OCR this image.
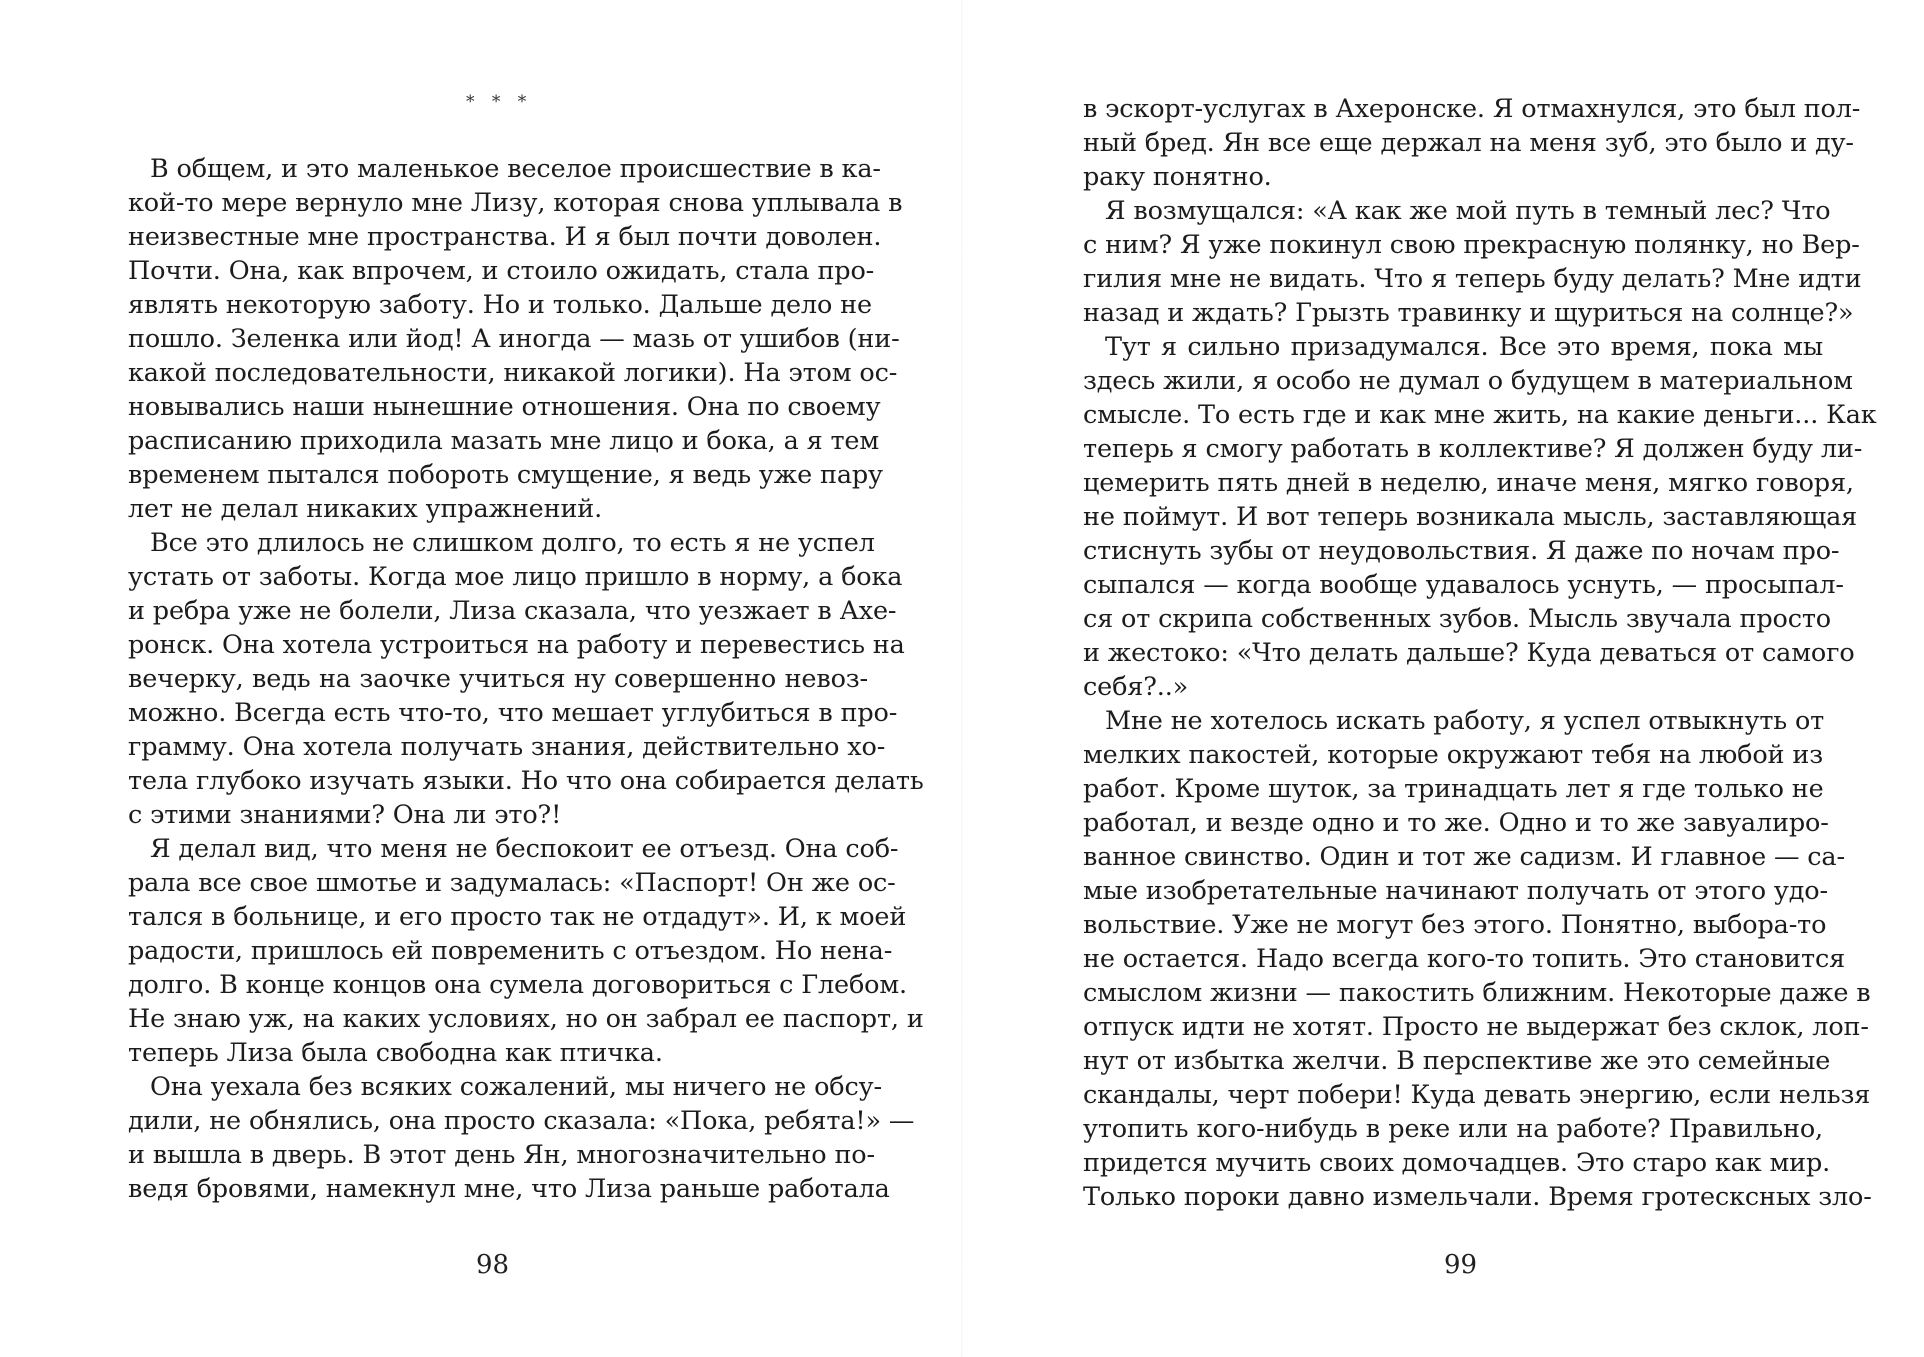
* * *
В общем, и это маленькое веселое происшествие в ка-
кой-то мере вернуло мне Лизу, которая снова уплывала в
неизвестные мне пространства. И я был почти доволен.
Почти. Она, как впрочем, и стоило ожидать, стала про-
являть некоторую заботу. Но и только. Дальше дело не
пошло. Зеленка или йод! А иногда — мазь от ушибов (ни-
какой последовательности, никакой логики). На этом ос-
новывались наши нынешние отношения. Она по своему
расписанию приходила мазать мне лицо и бока, а я тем
временем пытался побороть смущение, я ведь уже пару
лет не делал никаких упражнений.
Все это длилось не слишком долго, то есть я не успел
устать от заботы. Когда мое лицо пришло в норму, а бока
и ребра уже не болели, Лиза сказала, что уезжает в Ахе-
ронск. Она хотела устроиться на работу и перевестись на
вечерку, ведь на заочке учиться ну совершенно невоз-
можно. Всегда есть что-то, что мешает углубиться в про-
грамму. Она хотела получать знания, действительно хо-
тела глубоко изучать языки. Но что она собирается делать
с этими знаниями? Она ли это?!
Я делал вид, что меня не беспокоит ее отъезд. Она соб-
рала все свое шмотье и задумалась: «Паспорт! Он же ос-
тался в больнице, и его просто так не отдадут». И, к моей
радости, пришлось ей повременить с отъездом. Но нена-
долго. В конце концов она сумела договориться с Глебом.
Не знаю уж, на каких условиях, но он забрал ее паспорт, и
теперь Лиза была свободна как птичка.
Она уехала без всяких сожалений, мы ничего не обсу-
дили, не обнялись, она просто сказала: «Пока, ребята!» —
и вышла в дверь. В этот день Ян, многозначительно по-
ведя бровями, намекнул мне, что Лиза раньше работала
98
в эскорт-услугах в Ахеронске. Я отмахнулся, это был пол-
ный бред. Ян все еще держал на меня зуб, это было и ду-
раку понятно.
Я возмущался: «А как же мой путь в темный лес? Что
с ним? Я уже покинул свою прекрасную полянку, но Вер-
гилия мне не видать. Что я теперь буду делать? Мне идти
назад и ждать? Грызть травинку и щуриться на солнце?»
Тут я сильно призадумался. Все это время, пока мы
здесь жили, я особо не думал о будущем в материальном
смысле. То есть где и как мне жить, на какие деньги... Как
теперь я смогу работать в коллективе? Я должен буду ли-
цемерить пять дней в неделю, иначе меня, мягко говоря,
не поймут. И вот теперь возникала мысль, заставляющая
стиснуть зубы от неудовольствия. Я даже по ночам про-
сыпался — когда вообще удавалось уснуть, — просыпал-
ся от скрипа собственных зубов. Мысль звучала просто
и жестоко: «Что делать дальше? Куда деваться от самого
себя?..»
Мне не хотелось искать работу, я успел отвыкнуть от
мелких пакостей, которые окружают тебя на любой из
работ. Кроме шуток, за тринадцать лет я где только не
работал, и везде одно и то же. Одно и то же завуалиро-
ванное свинство. Один и тот же садизм. И главное — са-
мые изобретательные начинают получать от этого удо-
вольствие. Уже не могут без этого. Понятно, выбора-то
не остается. Надо всегда кого-то топить. Это становится
смыслом жизни — пакостить ближним. Некоторые даже в
отпуск идти не хотят. Просто не выдержат без склок, лоп-
нут от избытка желчи. В перспективе же это семейные
скандалы, черт побери! Куда девать энергию, если нельзя
утопить кого-нибудь в реке или на работе? Правильно,
придется мучить своих домочадцев. Это старо как мир.
Только пороки давно измельчали. Время гротесксных зло-
99
